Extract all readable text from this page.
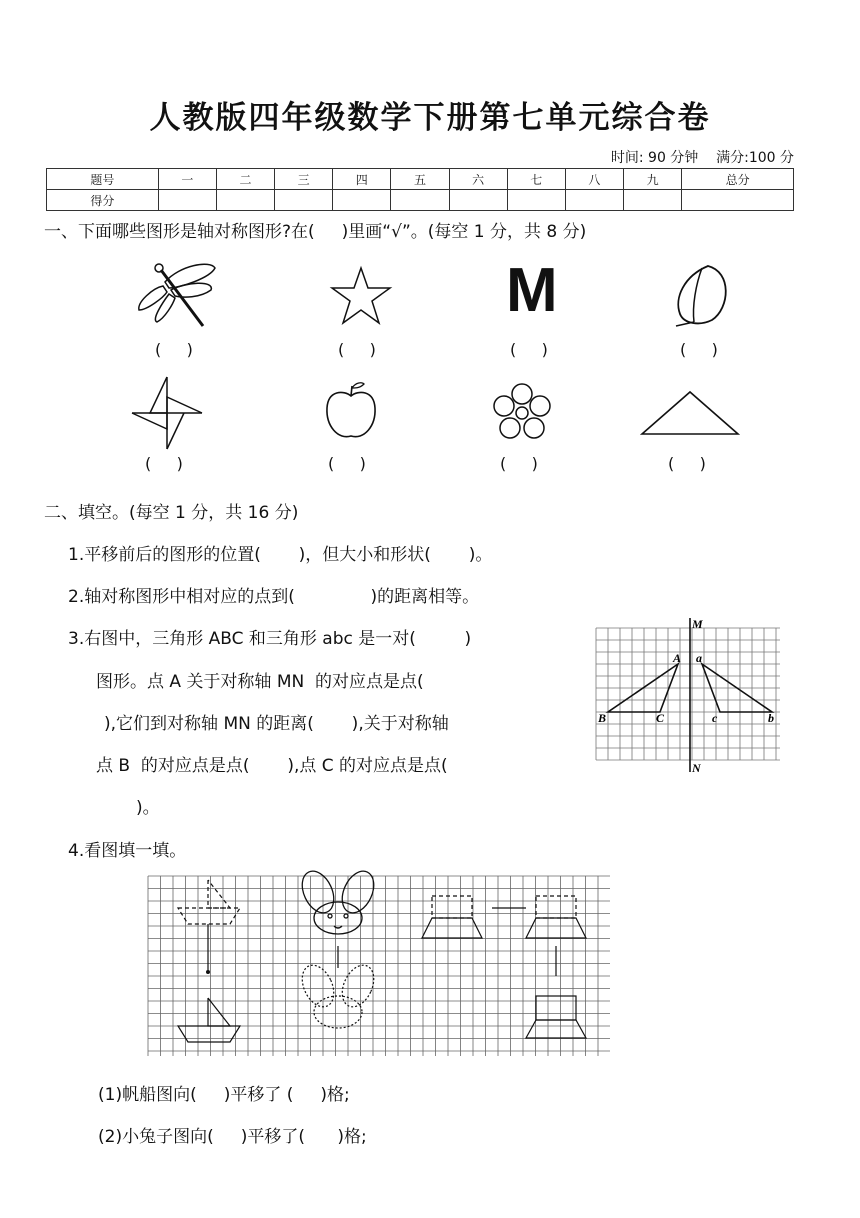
人教版四年级数学下册第七单元综合卷
时间: 90 分钟    满分:100 分
题号	一	二	三	四	五	六	七	八	九	总分
得分										
一、下面哪些图形是轴对称图形?在(     )里画“√”。(每空 1 分，共 8 分)
(     )	(     )
M
(     )	(     )
(     )	(     )	(     )	(     )
二、填空。(每空 1 分，共 16 分)
1.平移前后的图形的位置(       )，但大小和形状(       )。
2.轴对称图形中相对应的点到(              )的距离相等。
3.右图中，三角形 ABC 和三角形 abc 是一对(         )
图形。点 A 关于对称轴 MN  的对应点是点(
),它们到对称轴 MN 的距离(       ),关于对称轴
点 B  的对应点是点(       ),点 C 的对应点是点(
)。
M
N
A a
B	C	c	b
4.看图填一填。
(1)帆船图向(     )平移了 (     )格;
(2)小兔子图向(     )平移了(      )格;
